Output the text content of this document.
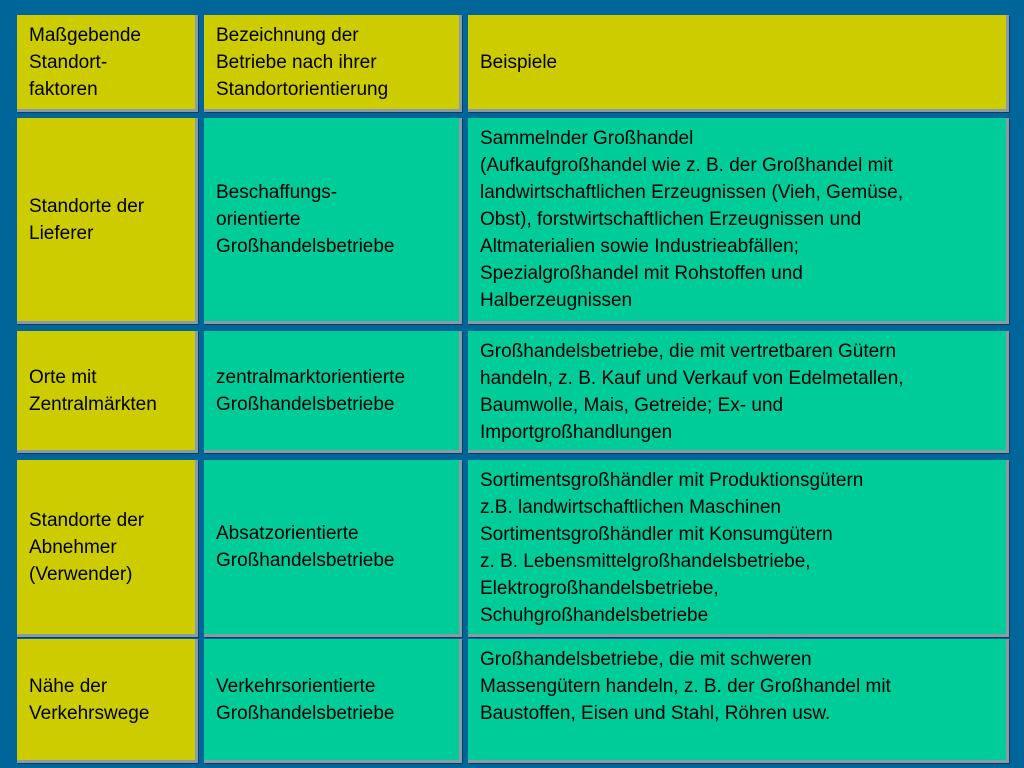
Maßgebende
Standort-
faktoren
Bezeichnung der
Betriebe nach ihrer
Standortorientierung
Beispiele
Standorte der
Lieferer
Beschaffungs-
orientierte
Großhandelsbetriebe
Sammelnder Großhandel
(Aufkaufgroßhandel wie z. B. der Großhandel mit
landwirtschaftlichen Erzeugnissen (Vieh, Gemüse,
Obst), forstwirtschaftlichen Erzeugnissen und
Altmaterialien sowie Industrieabfällen;
Spezialgroßhandel mit Rohstoffen und
Halberzeugnissen
Orte mit
Zentralmärkten
zentralmarktorientierte
Großhandelsbetriebe
Großhandelsbetriebe, die mit vertretbaren Gütern
handeln, z. B. Kauf und Verkauf von Edelmetallen,
Baumwolle, Mais, Getreide; Ex- und
Importgroßhandlungen
Standorte der
Abnehmer
(Verwender)
Absatzorientierte
Großhandelsbetriebe
Sortimentsgroßhändler mit Produktionsgütern
z.B. landwirtschaftlichen Maschinen
Sortimentsgroßhändler mit Konsumgütern
z. B. Lebensmittelgroßhandelsbetriebe,
Elektrogroßhandelsbetriebe,
Schuhgroßhandelsbetriebe
Nähe der
Verkehrswege
Verkehrsorientierte
Großhandelsbetriebe
Großhandelsbetriebe, die mit schweren
Massengütern handeln, z. B. der Großhandel mit
Baustoffen, Eisen und Stahl, Röhren usw.
